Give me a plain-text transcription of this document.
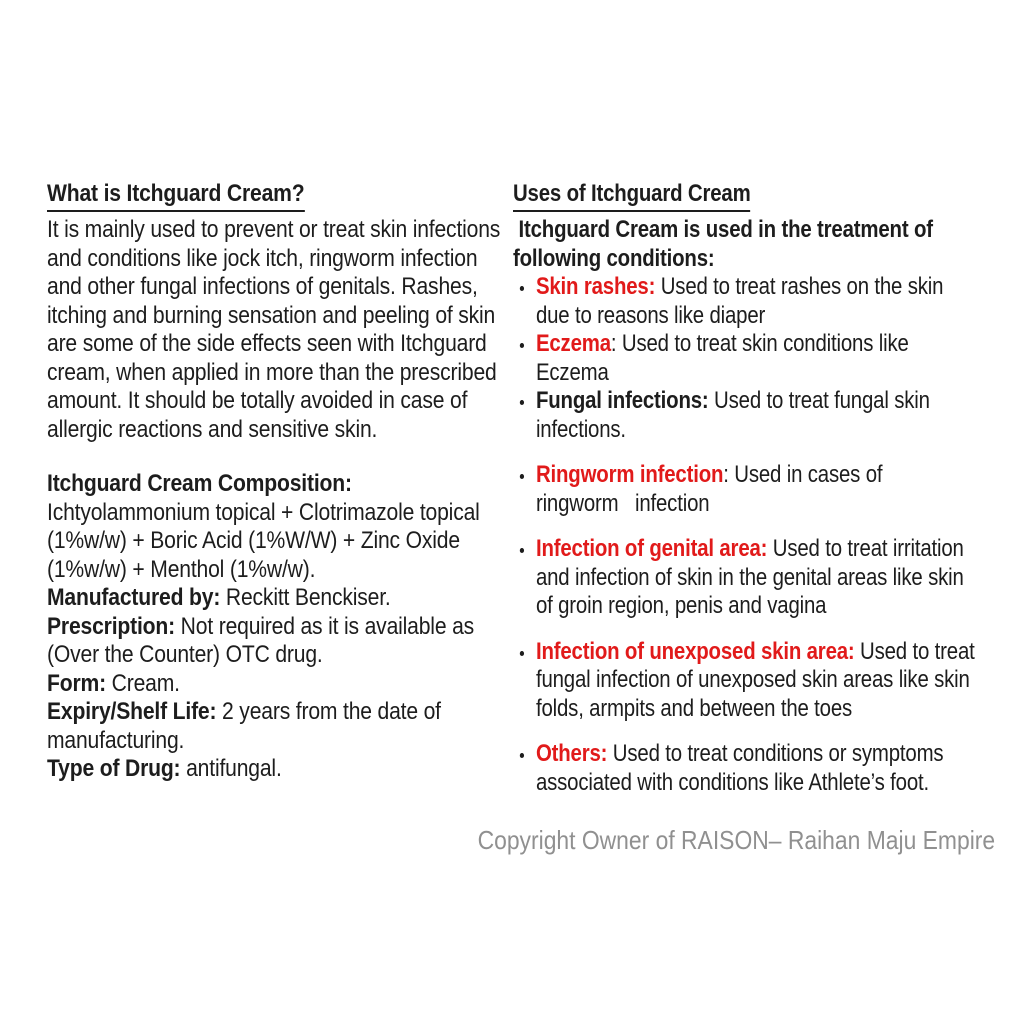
What is Itchguard Cream?

It is mainly used to prevent or treat skin infections and conditions like jock itch, ringworm infection and other fungal infections of genitals. Rashes, itching and burning sensation and peeling of skin are some of the side effects seen with Itchguard cream, when applied in more than the prescribed amount. It should be totally avoided in case of allergic reactions and sensitive skin.

Itchguard Cream Composition: Ichtyolammonium topical + Clotrimazole topical (1%w/w) + Boric Acid (1%W/W) + Zinc Oxide (1%w/w) + Menthol (1%w/w).
Manufactured by: Reckitt Benckiser.
Prescription: Not required as it is available as (Over the Counter) OTC drug.
Form: Cream.
Expiry/Shelf Life: 2 years from the date of manufacturing.
Type of Drug: antifungal.
Uses of Itchguard Cream

Itchguard Cream is used in the treatment of following conditions:

Skin rashes: Used to treat rashes on the skin due to reasons like diaper
Eczema: Used to treat skin conditions like Eczema
Fungal infections: Used to treat fungal skin infections.
Ringworm infection: Used in cases of ringworm   infection
Infection of genital area: Used to treat irritation and infection of skin in the genital areas like skin of groin region, penis and vagina
Infection of unexposed skin area: Used to treat fungal infection of unexposed skin areas like skin folds, armpits and between the toes
Others: Used to treat conditions or symptoms associated with conditions like Athlete’s foot.
Copyright Owner of RAISON– Raihan Maju Empire
